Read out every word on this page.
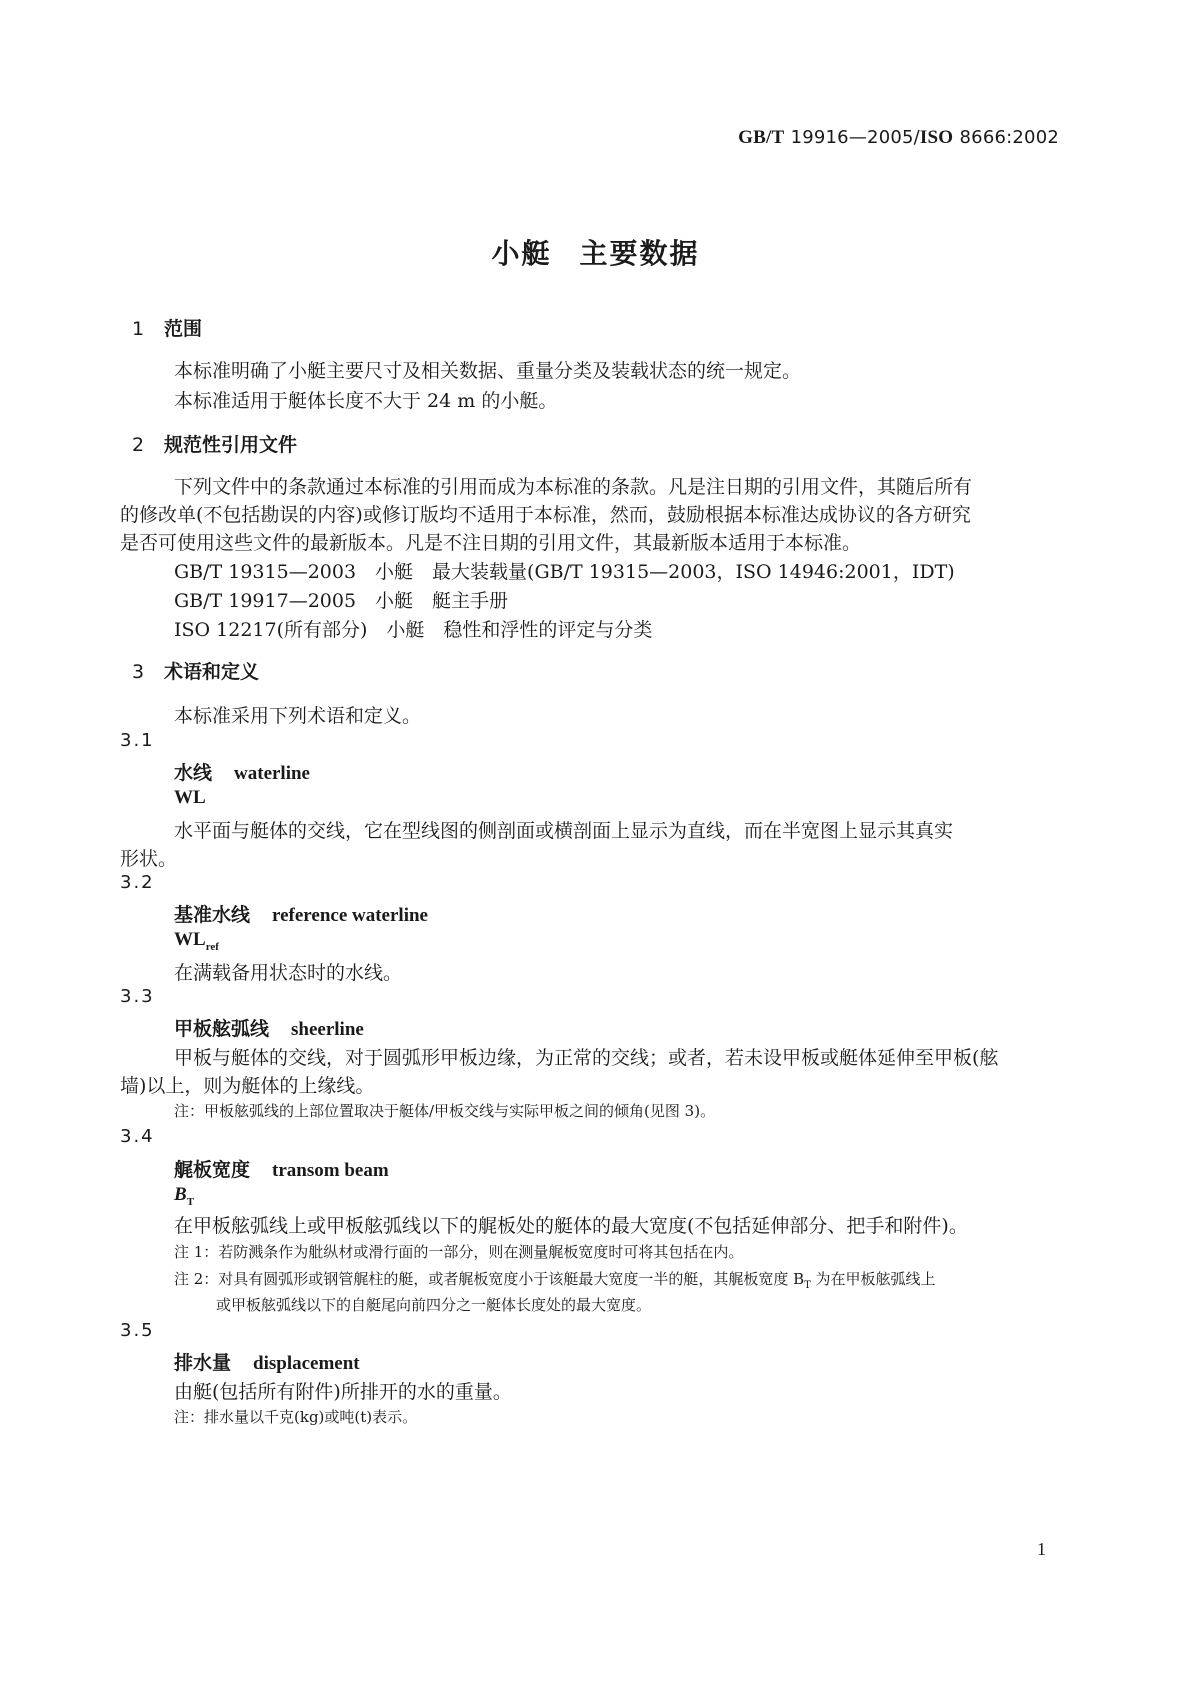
GB/T 19916—2005/ISO 8666:2002
小艇 主要数据
1 范围
本标准明确了小艇主要尺寸及相关数据、重量分类及装载状态的统一规定。
本标准适用于艇体长度不大于 24 m 的小艇。
2 规范性引用文件
下列文件中的条款通过本标准的引用而成为本标准的条款。凡是注日期的引用文件，其随后所有
的修改单(不包括勘误的内容)或修订版均不适用于本标准，然而，鼓励根据本标准达成协议的各方研究
是否可使用这些文件的最新版本。凡是不注日期的引用文件，其最新版本适用于本标准。
GB/T 19315—2003　小艇　最大装载量(GB/T 19315—2003，ISO 14946:2001，IDT)
GB/T 19917—2005　小艇　艇主手册
ISO 12217(所有部分)　小艇　稳性和浮性的评定与分类
3 术语和定义
本标准采用下列术语和定义。
3.1
水线 waterline
WL
水平面与艇体的交线，它在型线图的侧剖面或横剖面上显示为直线，而在半宽图上显示其真实
形状。
3.2
基准水线 reference waterline
$WL_{ref}$
在满载备用状态时的水线。
3.3
甲板舷弧线 sheerline
甲板与艇体的交线，对于圆弧形甲板边缘，为正常的交线；或者，若未设甲板或艇体延伸至甲板(舷
墙)以上，则为艇体的上缘线。
注：甲板舷弧线的上部位置取决于艇体/甲板交线与实际甲板之间的倾角(见图 3)。
3.4
艉板宽度 transom beam
$B_T$
在甲板舷弧线上或甲板舷弧线以下的艉板处的艇体的最大宽度(不包括延伸部分、把手和附件)。
注 1：若防溅条作为舭纵材或滑行面的一部分，则在测量艉板宽度时可将其包括在内。
注 2：对具有圆弧形或钢管艉柱的艇，或者艉板宽度小于该艇最大宽度一半的艇，其艉板宽度 $B_T$ 为在甲板舷弧线上
或甲板舷弧线以下的自艇尾向前四分之一艇体长度处的最大宽度。
3.5
排水量 displacement
由艇(包括所有附件)所排开的水的重量。
注：排水量以千克(kg)或吨(t)表示。
1
